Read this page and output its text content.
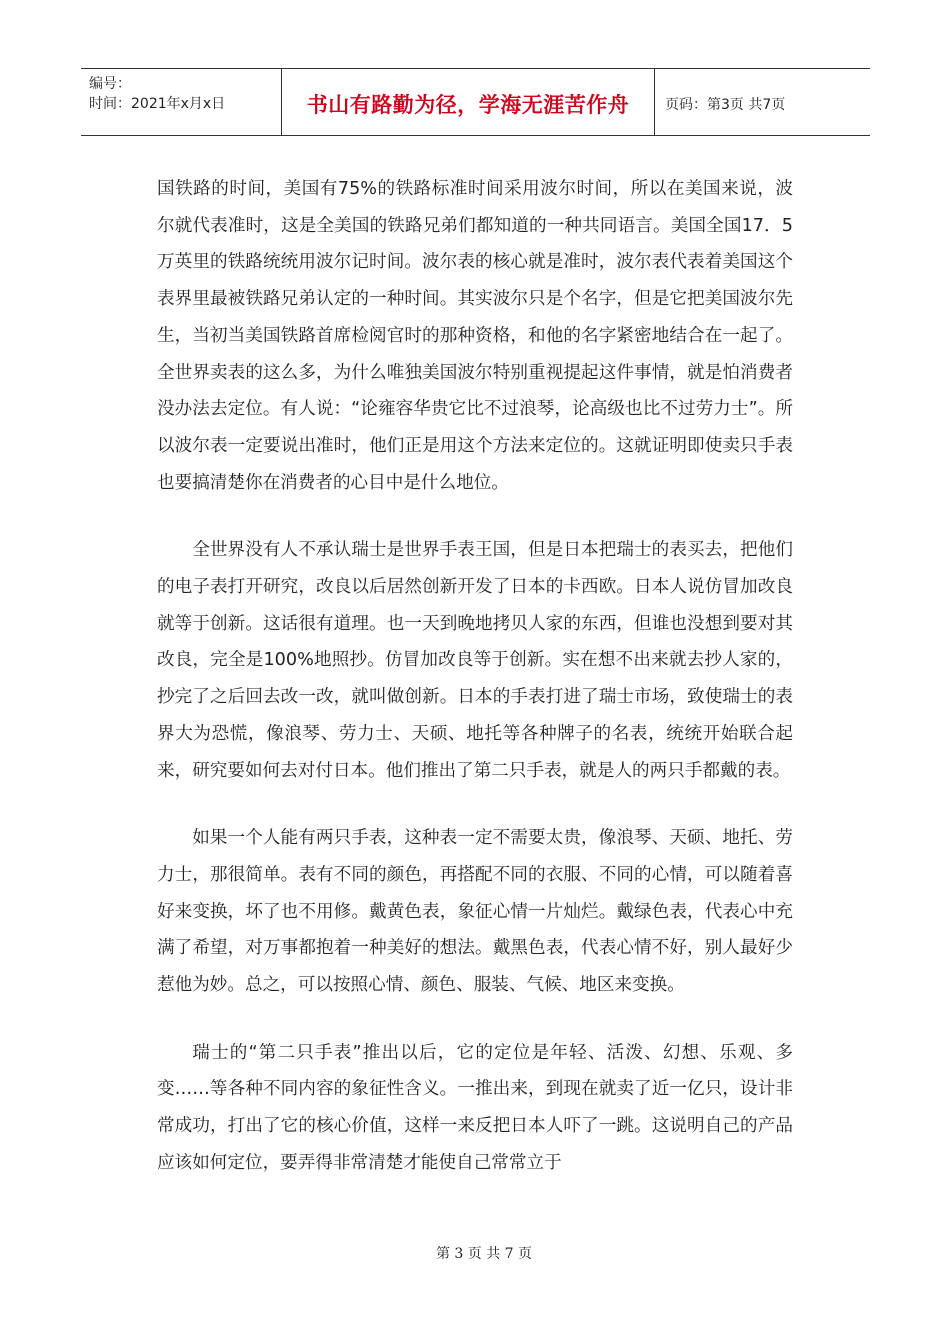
编号：
时间：2021年x月x日	书山有路勤为径，学海无涯苦作舟	页码：第3页 共7页

国铁路的时间，美国有75%的铁路标准时间采用波尔时间，所以在美国来说，波尔就代表准时，这是全美国的铁路兄弟们都知道的一种共同语言。美国全国17．5万英里的铁路统统用波尔记时间。波尔表的核心就是准时，波尔表代表着美国这个表界里最被铁路兄弟认定的一种时间。其实波尔只是个名字，但是它把美国波尔先生，当初当美国铁路首席检阅官时的那种资格，和他的名字紧密地结合在一起了。全世界卖表的这么多，为什么唯独美国波尔特别重视提起这件事情，就是怕消费者没办法去定位。有人说：“论雍容华贵它比不过浪琴，论高级也比不过劳力士”。所以波尔表一定要说出准时，他们正是用这个方法来定位的。这就证明即使卖只手表也要搞清楚你在消费者的心目中是什么地位。

全世界没有人不承认瑞士是世界手表王国，但是日本把瑞士的表买去，把他们的电子表打开研究，改良以后居然创新开发了日本的卡西欧。日本人说仿冒加改良就等于创新。这话很有道理。也一天到晚地拷贝人家的东西，但谁也没想到要对其改良，完全是100%地照抄。仿冒加改良等于创新。实在想不出来就去抄人家的，抄完了之后回去改一改，就叫做创新。日本的手表打进了瑞士市场，致使瑞士的表界大为恐慌，像浪琴、劳力士、天硕、地托等各种牌子的名表，统统开始联合起来，研究要如何去对付日本。他们推出了第二只手表，就是人的两只手都戴的表。

如果一个人能有两只手表，这种表一定不需要太贵，像浪琴、天硕、地托、劳力士，那很简单。表有不同的颜色，再搭配不同的衣服、不同的心情，可以随着喜好来变换，坏了也不用修。戴黄色表，象征心情一片灿烂。戴绿色表，代表心中充满了希望，对万事都抱着一种美好的想法。戴黑色表，代表心情不好，别人最好少惹他为妙。总之，可以按照心情、颜色、服装、气候、地区来变换。

瑞士的“第二只手表”推出以后，它的定位是年轻、活泼、幻想、乐观、多变……等各种不同内容的象征性含义。一推出来，到现在就卖了近一亿只，设计非常成功，打出了它的核心价值，这样一来反把日本人吓了一跳。这说明自己的产品应该如何定位，要弄得非常清楚才能使自己常常立于

第 3 页 共 7 页
